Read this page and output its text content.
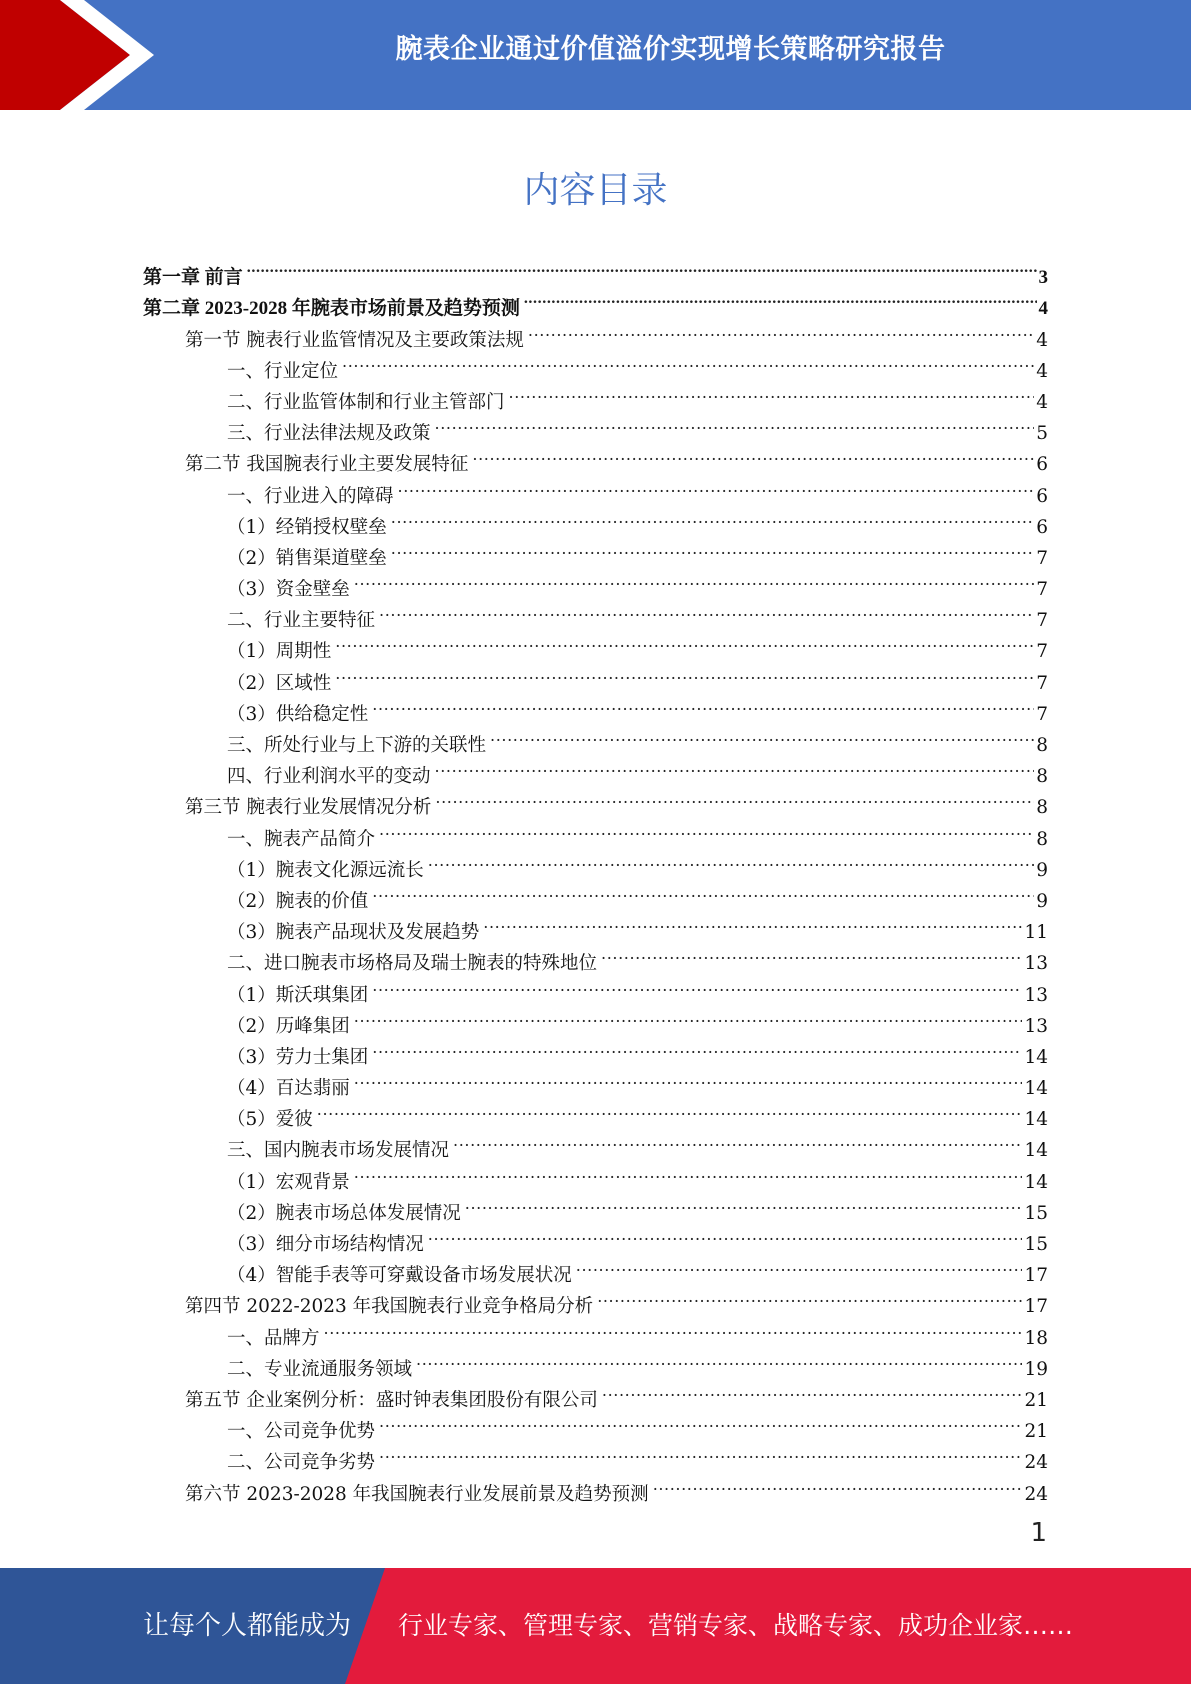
腕表企业通过价值溢价实现增长策略研究报告
内容目录
第一章 前言 .....	3
第二章 2023-2028 年腕表市场前景及趋势预测 .....	4
第一节 腕表行业监管情况及主要政策法规 .....	4
一、行业定位 .....	4
二、行业监管体制和行业主管部门 .....	4
三、行业法律法规及政策 .....	5
第二节 我国腕表行业主要发展特征 .....	6
一、行业进入的障碍 .....	6
（1）经销授权壁垒 .....	6
（2）销售渠道壁垒 .....	7
（3）资金壁垒 .....	7
二、行业主要特征 .....	7
（1）周期性 .....	7
（2）区域性 .....	7
（3）供给稳定性 .....	7
三、所处行业与上下游的关联性 .....	8
四、行业利润水平的变动 .....	8
第三节 腕表行业发展情况分析 .....	8
一、腕表产品简介 .....	8
（1）腕表文化源远流长 .....	9
（2）腕表的价值 .....	9
（3）腕表产品现状及发展趋势 .....	11
二、进口腕表市场格局及瑞士腕表的特殊地位 .....	13
（1）斯沃琪集团 .....	13
（2）历峰集团 .....	13
（3）劳力士集团 .....	14
（4）百达翡丽 .....	14
（5）爱彼 .....	14
三、国内腕表市场发展情况 .....	14
（1）宏观背景 .....	14
（2）腕表市场总体发展情况 .....	15
（3）细分市场结构情况 .....	15
（4）智能手表等可穿戴设备市场发展状况 .....	17
第四节 2022-2023 年我国腕表行业竞争格局分析 .....	17
一、品牌方 .....	18
二、专业流通服务领域 .....	19
第五节 企业案例分析：盛时钟表集团股份有限公司 .....	21
一、公司竞争优势 .....	21
二、公司竞争劣势 .....	24
第六节 2023-2028 年我国腕表行业发展前景及趋势预测 .....	24
1
让每个人都能成为 行业专家、管理专家、营销专家、战略专家、成功企业家……
